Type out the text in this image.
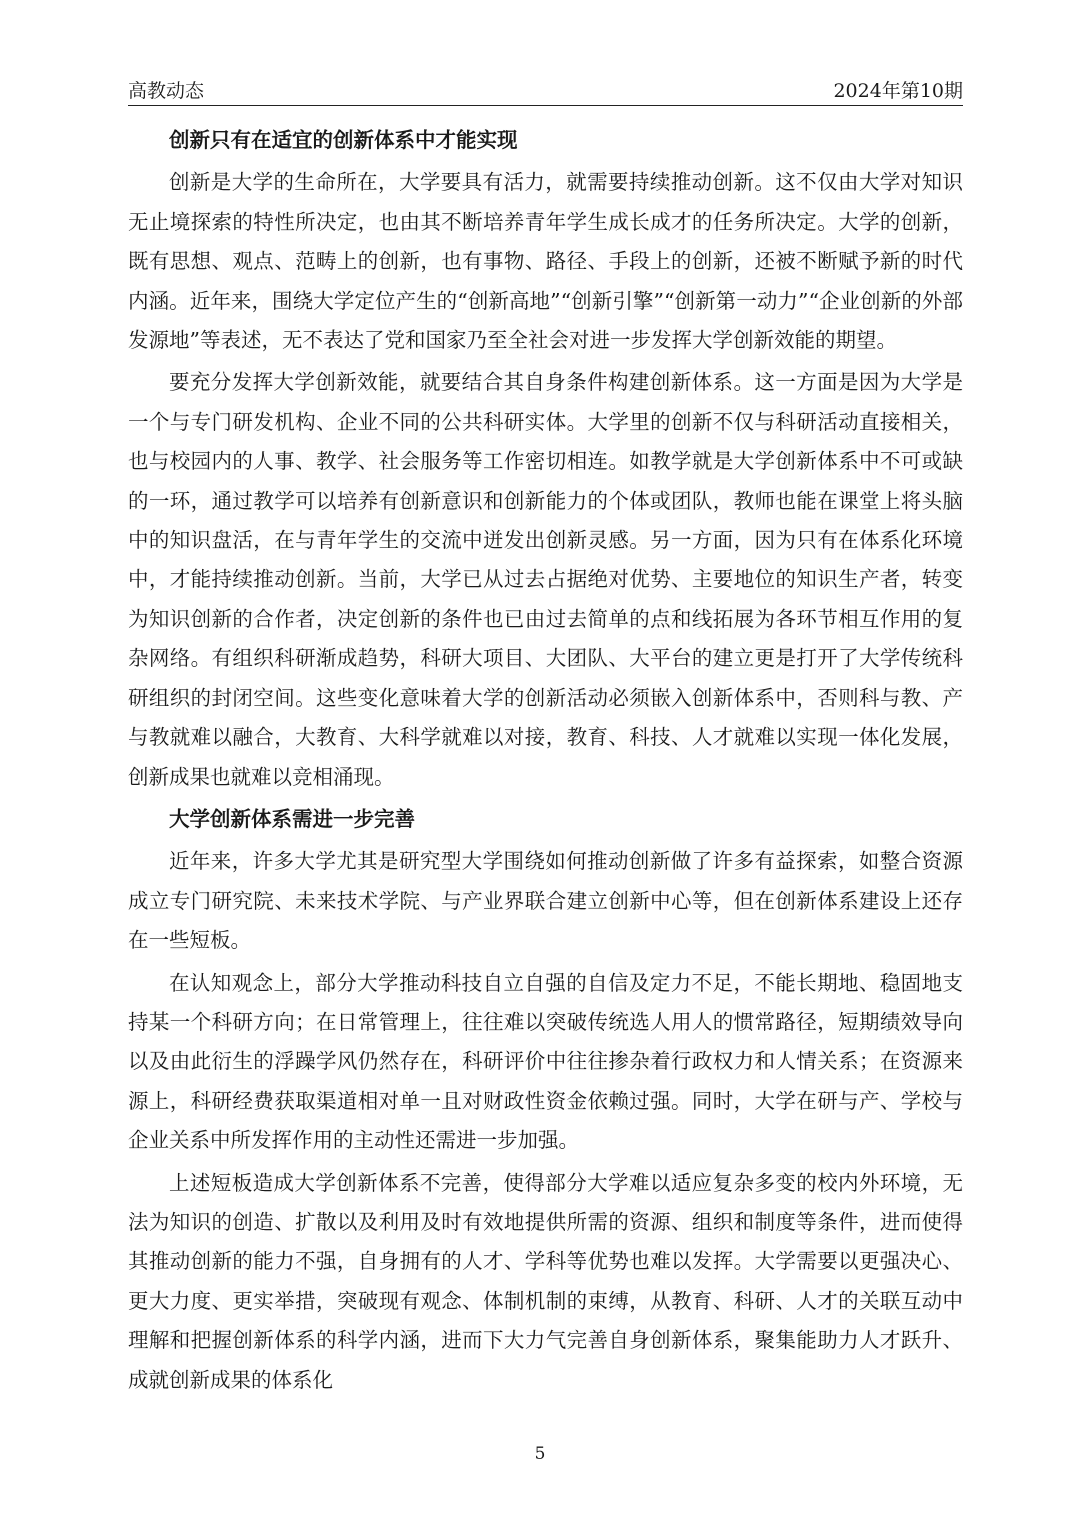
高教动态	2024年第10期
创新只有在适宜的创新体系中才能实现

创新是大学的生命所在，大学要具有活力，就需要持续推动创新。这不仅由大学对知识无止境探索的特性所决定，也由其不断培养青年学生成长成才的任务所决定。大学的创新，既有思想、观点、范畴上的创新，也有事物、路径、手段上的创新，还被不断赋予新的时代内涵。近年来，围绕大学定位产生的“创新高地”“创新引擎”“创新第一动力”“企业创新的外部发源地”等表述，无不表达了党和国家乃至全社会对进一步发挥大学创新效能的期望。

要充分发挥大学创新效能，就要结合其自身条件构建创新体系。这一方面是因为大学是一个与专门研发机构、企业不同的公共科研实体。大学里的创新不仅与科研活动直接相关，也与校园内的人事、教学、社会服务等工作密切相连。如教学就是大学创新体系中不可或缺的一环，通过教学可以培养有创新意识和创新能力的个体或团队，教师也能在课堂上将头脑中的知识盘活，在与青年学生的交流中迸发出创新灵感。另一方面，因为只有在体系化环境中，才能持续推动创新。当前，大学已从过去占据绝对优势、主要地位的知识生产者，转变为知识创新的合作者，决定创新的条件也已由过去简单的点和线拓展为各环节相互作用的复杂网络。有组织科研渐成趋势，科研大项目、大团队、大平台的建立更是打开了大学传统科研组织的封闭空间。这些变化意味着大学的创新活动必须嵌入创新体系中，否则科与教、产与教就难以融合，大教育、大科学就难以对接，教育、科技、人才就难以实现一体化发展，创新成果也就难以竞相涌现。

大学创新体系需进一步完善

近年来，许多大学尤其是研究型大学围绕如何推动创新做了许多有益探索，如整合资源成立专门研究院、未来技术学院、与产业界联合建立创新中心等，但在创新体系建设上还存在一些短板。

在认知观念上，部分大学推动科技自立自强的自信及定力不足，不能长期地、稳固地支持某一个科研方向；在日常管理上，往往难以突破传统选人用人的惯常路径，短期绩效导向以及由此衍生的浮躁学风仍然存在，科研评价中往往掺杂着行政权力和人情关系；在资源来源上，科研经费获取渠道相对单一且对财政性资金依赖过强。同时，大学在研与产、学校与企业关系中所发挥作用的主动性还需进一步加强。

上述短板造成大学创新体系不完善，使得部分大学难以适应复杂多变的校内外环境，无法为知识的创造、扩散以及利用及时有效地提供所需的资源、组织和制度等条件，进而使得其推动创新的能力不强，自身拥有的人才、学科等优势也难以发挥。大学需要以更强决心、更大力度、更实举措，突破现有观念、体制机制的束缚，从教育、科研、人才的关联互动中理解和把握创新体系的科学内涵，进而下大力气完善自身创新体系，聚集能助力人才跃升、成就创新成果的体系化

5
